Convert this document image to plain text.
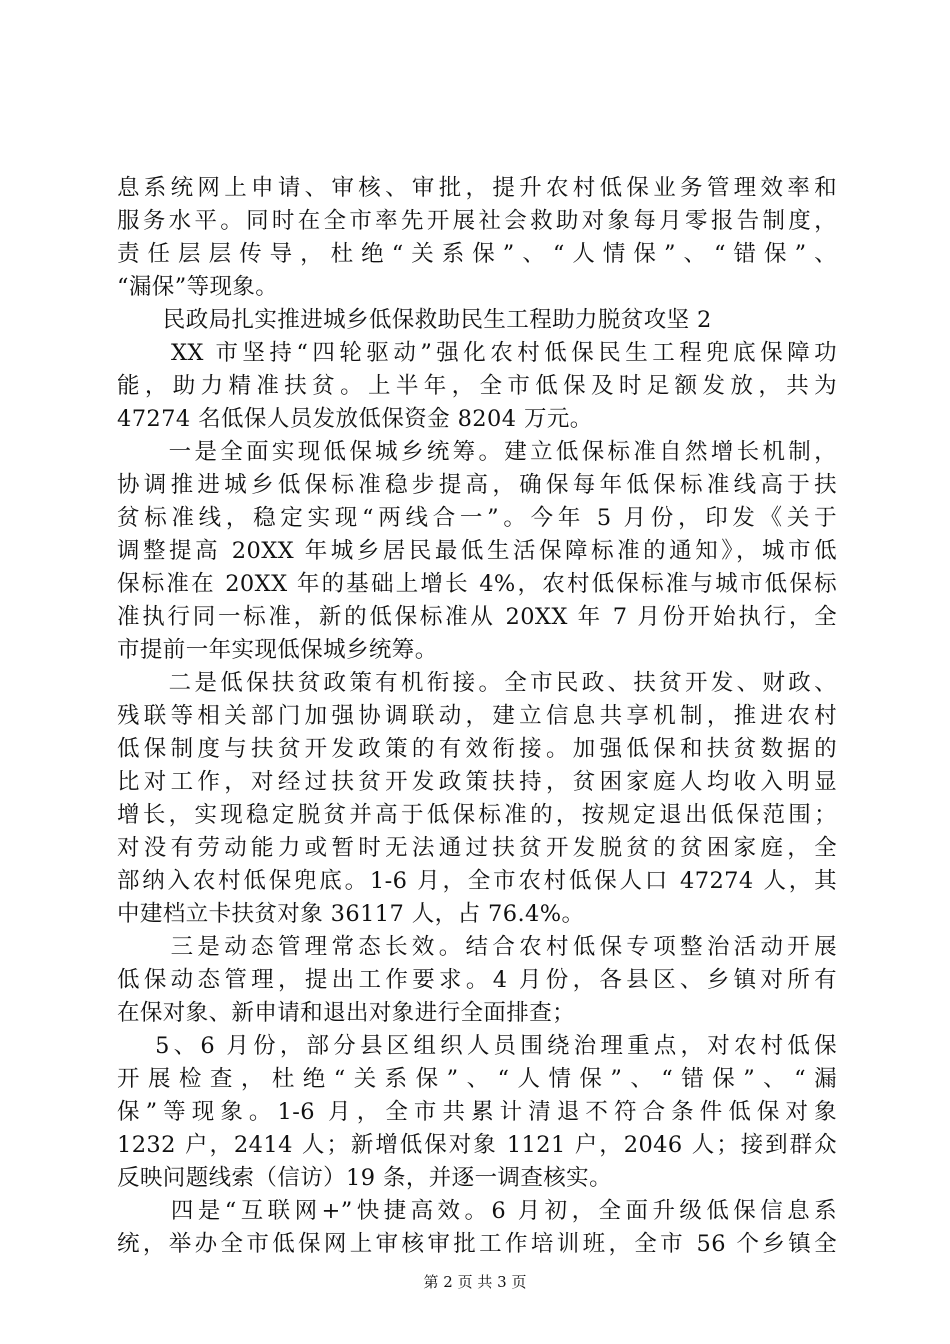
息系统网上申请、审核、审批，提升农村低保业务管理效率和
服务水平。同时在全市率先开展社会救助对象每月零报告制度，
责任层层传导，杜绝“关系保”、“人情保”、“错保”、
“漏保”等现象。
　　民政局扎实推进城乡低保救助民生工程助力脱贫攻坚 2
　　XX 市坚持“四轮驱动”强化农村低保民生工程兜底保障功
能，助力精准扶贫。上半年，全市低保及时足额发放，共为
47274 名低保人员发放低保资金 8204 万元。
　　一是全面实现低保城乡统筹。建立低保标准自然增长机制，
协调推进城乡低保标准稳步提高，确保每年低保标准线高于扶
贫标准线，稳定实现“两线合一”。今年 5 月份，印发《关于
调整提高 20XX 年城乡居民最低生活保障标准的通知》，城市低
保标准在 20XX 年的基础上增长 4%，农村低保标准与城市低保标
准执行同一标准，新的低保标准从 20XX 年 7 月份开始执行，全
市提前一年实现低保城乡统筹。
　　二是低保扶贫政策有机衔接。全市民政、扶贫开发、财政、
残联等相关部门加强协调联动，建立信息共享机制，推进农村
低保制度与扶贫开发政策的有效衔接。加强低保和扶贫数据的
比对工作，对经过扶贫开发政策扶持，贫困家庭人均收入明显
增长，实现稳定脱贫并高于低保标准的，按规定退出低保范围；
对没有劳动能力或暂时无法通过扶贫开发脱贫的贫困家庭，全
部纳入农村低保兜底。1-6 月，全市农村低保人口 47274 人，其
中建档立卡扶贫对象 36117 人，占 76.4%。
　　三是动态管理常态长效。结合农村低保专项整治活动开展
低保动态管理，提出工作要求。4 月份，各县区、乡镇对所有
在保对象、新申请和退出对象进行全面排查；
　 5、6 月份，部分县区组织人员围绕治理重点，对农村低保
开展检查，杜绝“关系保”、“人情保”、“错保”、“漏
保”等现象。1-6 月，全市共累计清退不符合条件低保对象
1232 户，2414 人；新增低保对象 1121 户，2046 人；接到群众
反映问题线索（信访）19 条，并逐一调查核实。
　　四是“互联网+”快捷高效。6 月初，全面升级低保信息系
统，举办全市低保网上审核审批工作培训班，全市 56 个乡镇全
第 2 页 共 3 页
